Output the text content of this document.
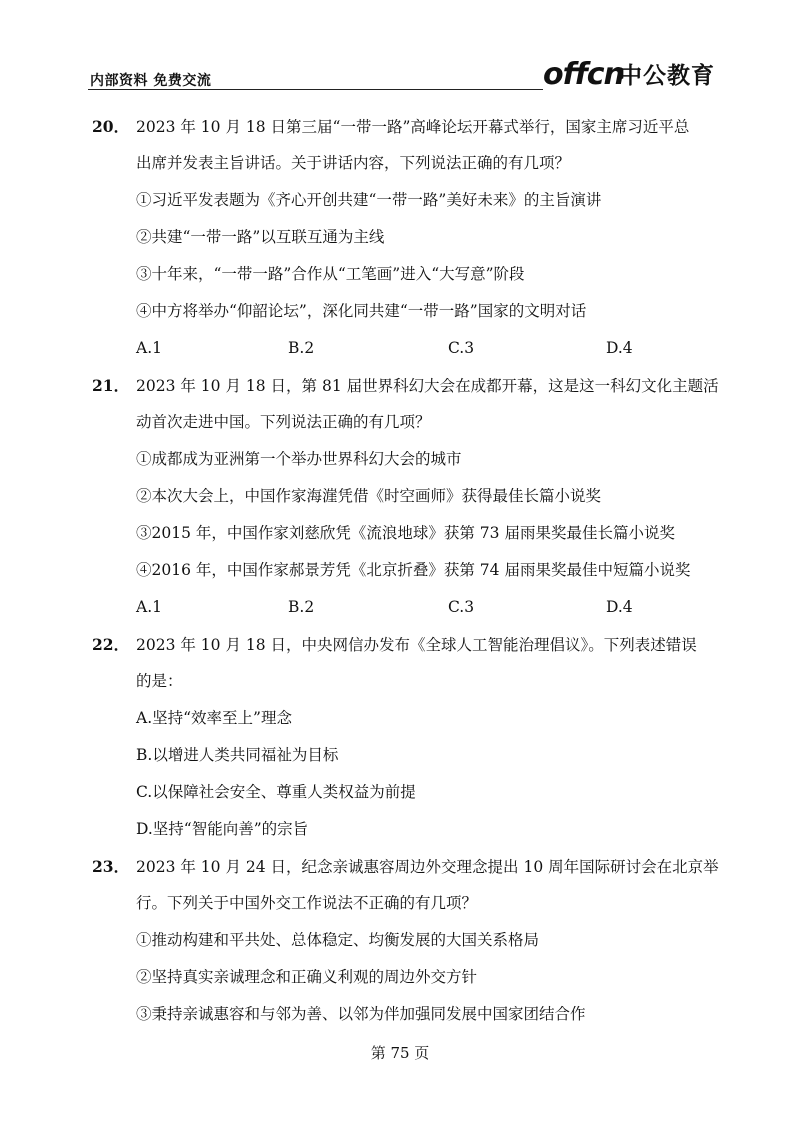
内部资料 免费交流	offcn
中公教育
20． 2023 年 10 月 18 日第三届“一带一路”高峰论坛开幕式举行，国家主席习近平总
出席并发表主旨讲话。关于讲话内容，下列说法正确的有几项？
①习近平发表题为《齐心开创共建“一带一路”美好未来》的主旨演讲
②共建“一带一路”以互联互通为主线
③十年来，“一带一路”合作从“工笔画”进入“大写意”阶段
④中方将举办“仰韶论坛”，深化同共建“一带一路”国家的文明对话
A.1	B.2	C.3	D.4
21． 2023 年 10 月 18 日，第 81 届世界科幻大会在成都开幕，这是这一科幻文化主题活
动首次走进中国。下列说法正确的有几项？
①成都成为亚洲第一个举办世界科幻大会的城市
②本次大会上，中国作家海漄凭借《时空画师》获得最佳长篇小说奖
③2015 年，中国作家刘慈欣凭《流浪地球》获第 73 届雨果奖最佳长篇小说奖
④2016 年，中国作家郝景芳凭《北京折叠》获第 74 届雨果奖最佳中短篇小说奖
A.1	B.2	C.3	D.4
22． 2023 年 10 月 18 日，中央网信办发布《全球人工智能治理倡议》。下列表述错误
的是：
A.坚持“效率至上”理念
B.以增进人类共同福祉为目标
C.以保障社会安全、尊重人类权益为前提
D.坚持“智能向善”的宗旨
23． 2023 年 10 月 24 日，纪念亲诚惠容周边外交理念提出 10 周年国际研讨会在北京举
行。下列关于中国外交工作说法不正确的有几项？
①推动构建和平共处、总体稳定、均衡发展的大国关系格局
②坚持真实亲诚理念和正确义利观的周边外交方针
③秉持亲诚惠容和与邻为善、以邻为伴加强同发展中国家团结合作
第 75 页
